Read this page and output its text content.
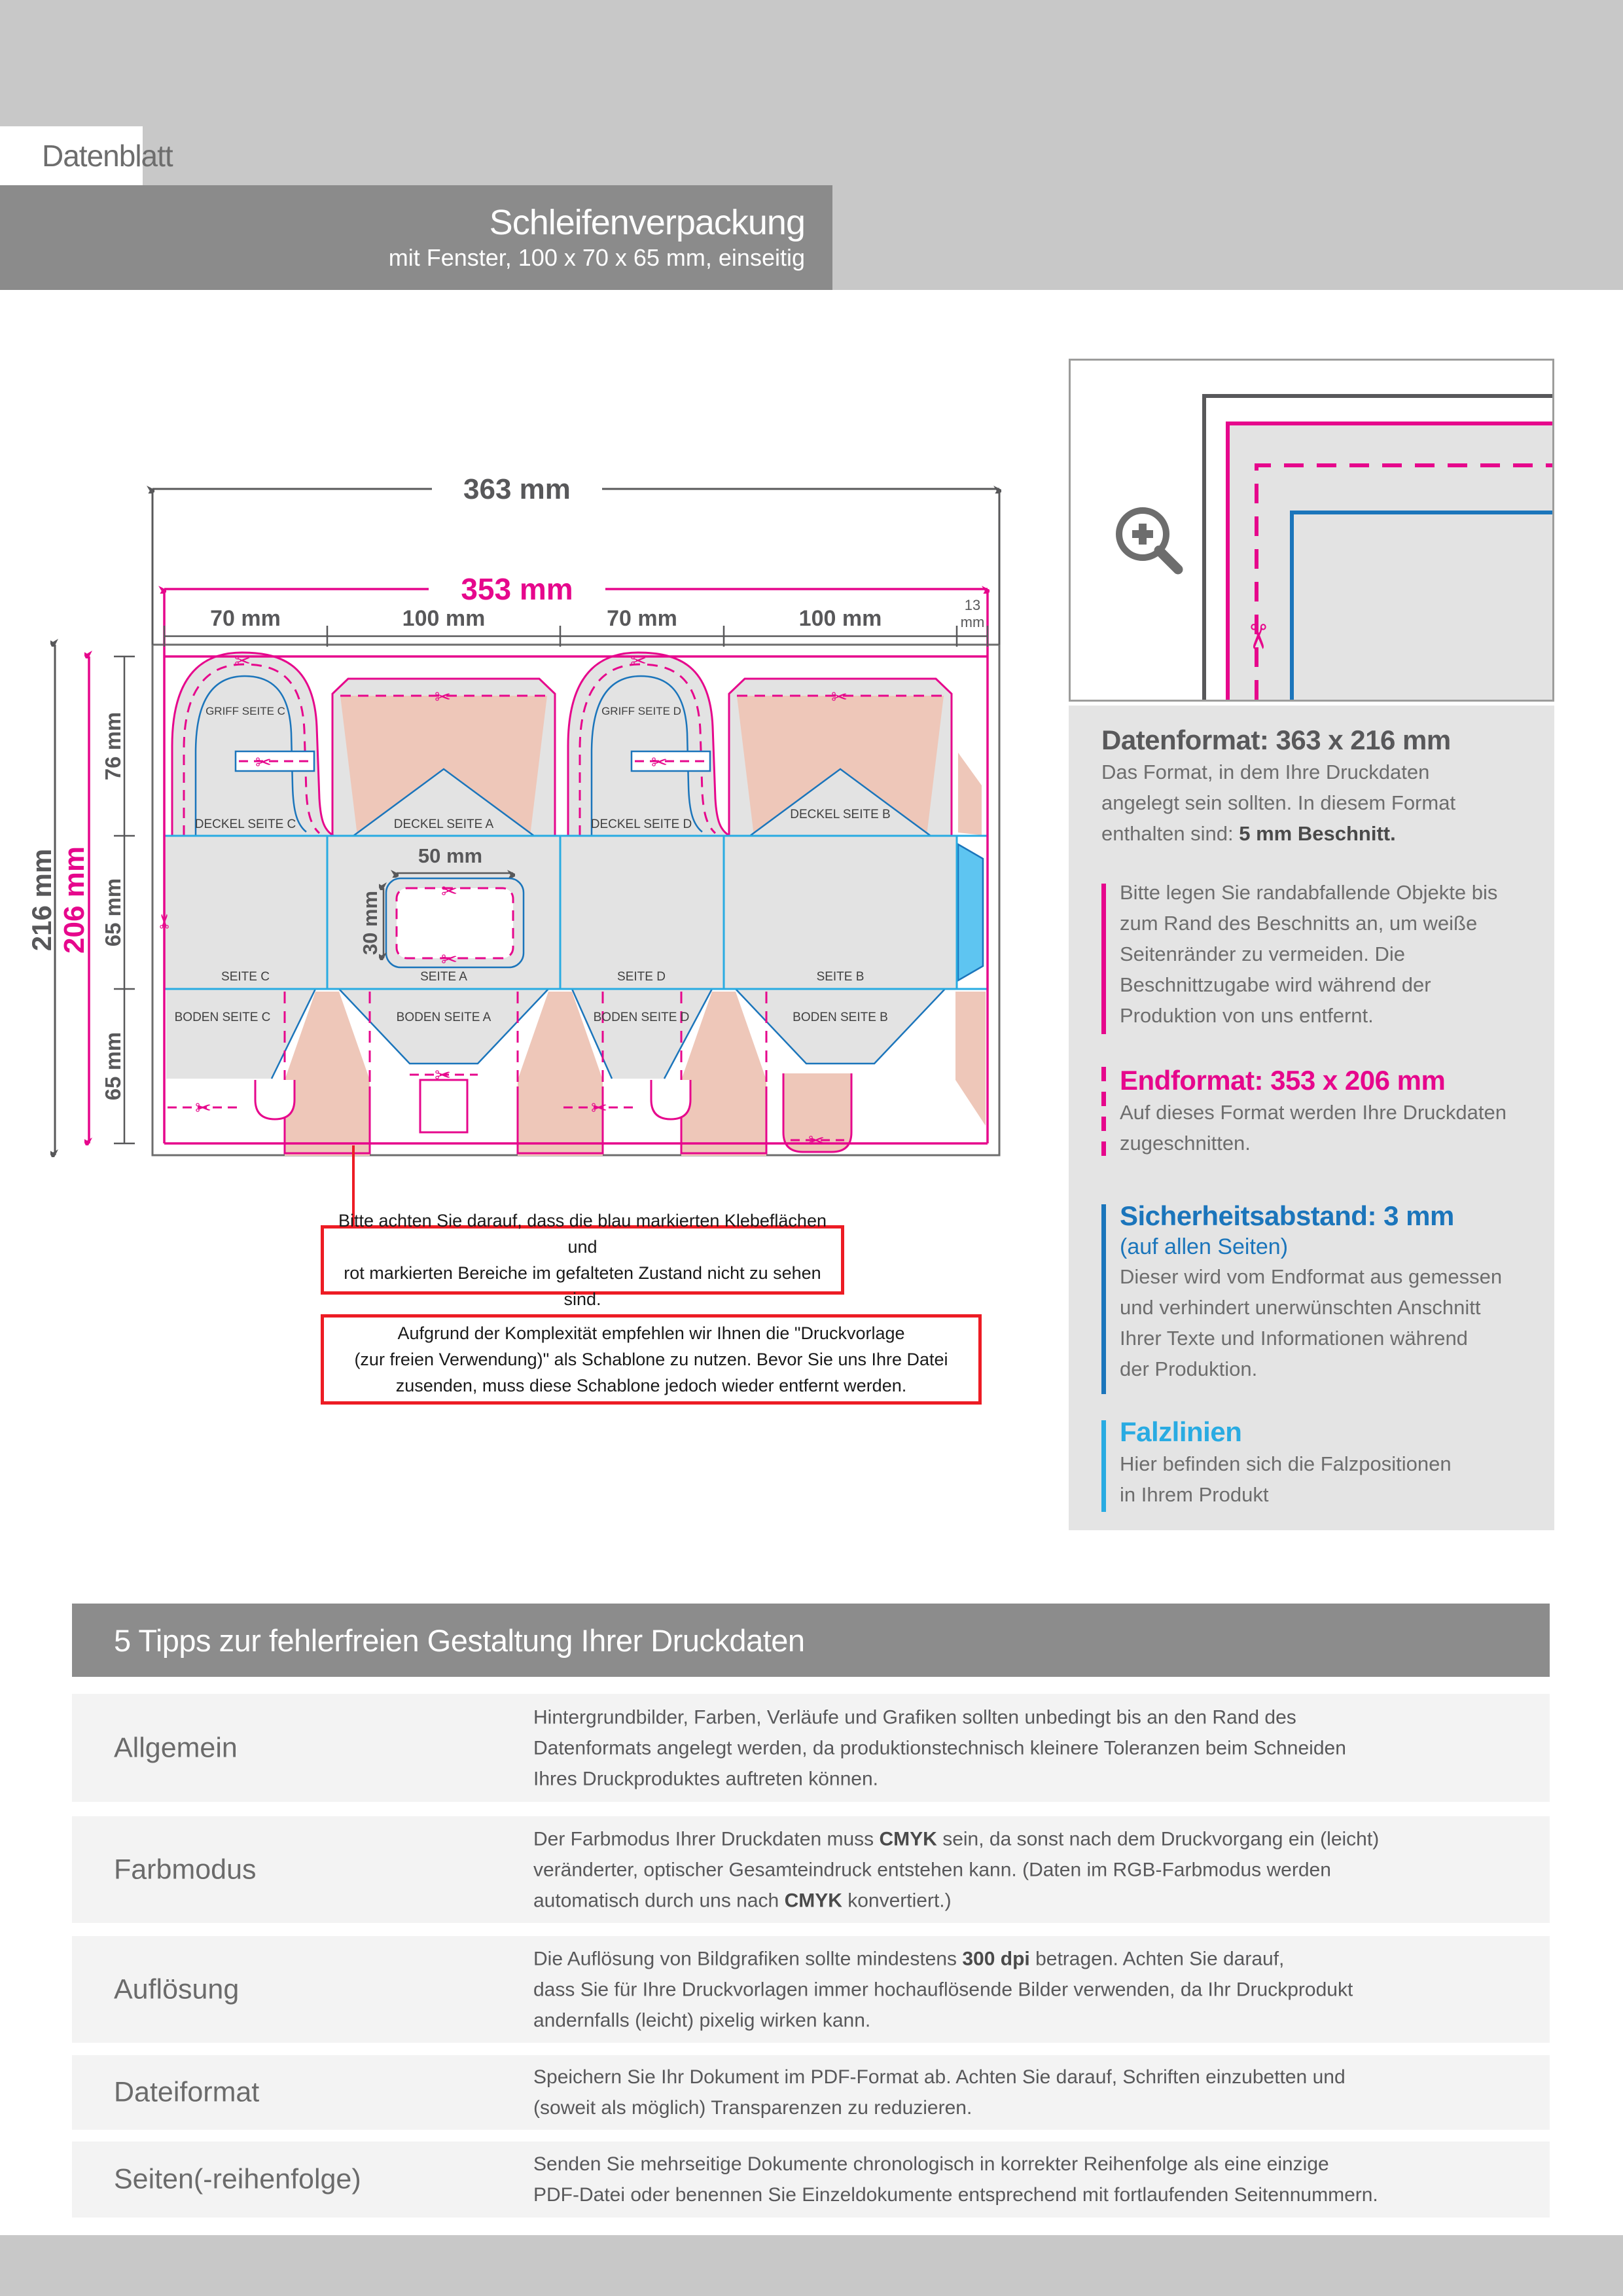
Datenblatt
Schleifenverpackung
mit Fenster, 100 x 70 x 65 mm, einseitig
50 mm
30 mm
363 mm
353 mm
70 mm	100 mm	70 mm	100 mm
13
mm
216 mm 206 mm
76 mm
65 mm
65 mm
GRIFF SEITE C	GRIFF SEITE D
DECKEL SEITE C	DECKEL SEITE A	DECKEL SEITE D
DECKEL SEITE B
SEITE C	SEITE A	SEITE D	SEITE B
BODEN SEITE C	BODEN SEITE A	BODEN SEITE D	BODEN SEITE B
✂	✂
✂	✂
✂	✂
✂
✂
✂
✂	✂
✂
✂
Bitte achten Sie darauf, dass die blau markierten Klebeflächen und
rot markierten Bereiche im gefalteten Zustand nicht zu sehen sind.
Aufgrund der Komplexität empfehlen wir Ihnen die "Druckvorlage
(zur freien Verwendung)" als Schablone zu nutzen. Bevor Sie uns Ihre Datei
zusenden, muss diese Schablone jedoch wieder entfernt werden.
✂
Datenformat: 363 x 216 mm
Das Format, in dem Ihre Druckdaten
angelegt sein sollten. In diesem Format
enthalten sind: 5 mm Beschnitt.
Bitte legen Sie randabfallende Objekte bis
zum Rand des Beschnitts an, um weiße
Seitenränder zu vermeiden. Die
Beschnittzugabe wird während der
Produktion von uns entfernt.
Endformat: 353 x 206 mm
Auf dieses Format werden Ihre Druckdaten
zugeschnitten.
Sicherheitsabstand: 3 mm
(auf allen Seiten)
Dieser wird vom Endformat aus gemessen
und verhindert unerwünschten Anschnitt
Ihrer Texte und Informationen während
der Produktion.
Falzlinien
Hier befinden sich die Falzpositionen
in Ihrem Produkt
5 Tipps zur fehlerfreien Gestaltung Ihrer Druckdaten
Allgemein
Hintergrundbilder, Farben, Verläufe und Grafiken sollten unbedingt bis an den Rand des
Datenformats angelegt werden, da produktionstechnisch kleinere Toleranzen beim Schneiden
Ihres Druckproduktes auftreten können.
Farbmodus
Der Farbmodus Ihrer Druckdaten muss CMYK sein, da sonst nach dem Druckvorgang ein (leicht)
veränderter, optischer Gesamteindruck entstehen kann. (Daten im RGB-Farbmodus werden
automatisch durch uns nach CMYK konvertiert.)
Auflösung
Die Auflösung von Bildgrafiken sollte mindestens 300 dpi betragen. Achten Sie darauf,
dass Sie für Ihre Druckvorlagen immer hochauflösende Bilder verwenden, da Ihr Druckprodukt
andernfalls (leicht) pixelig wirken kann.
Dateiformat	Speichern Sie Ihr Dokument im PDF-Format ab. Achten Sie darauf, Schriften einzubetten und
(soweit als möglich) Transparenzen zu reduzieren.
Seiten(-reihenfolge)	Senden Sie mehrseitige Dokumente chronologisch in korrekter Reihenfolge als eine einzige
PDF-Datei oder benennen Sie Einzeldokumente entsprechend mit fortlaufenden Seitennummern.
